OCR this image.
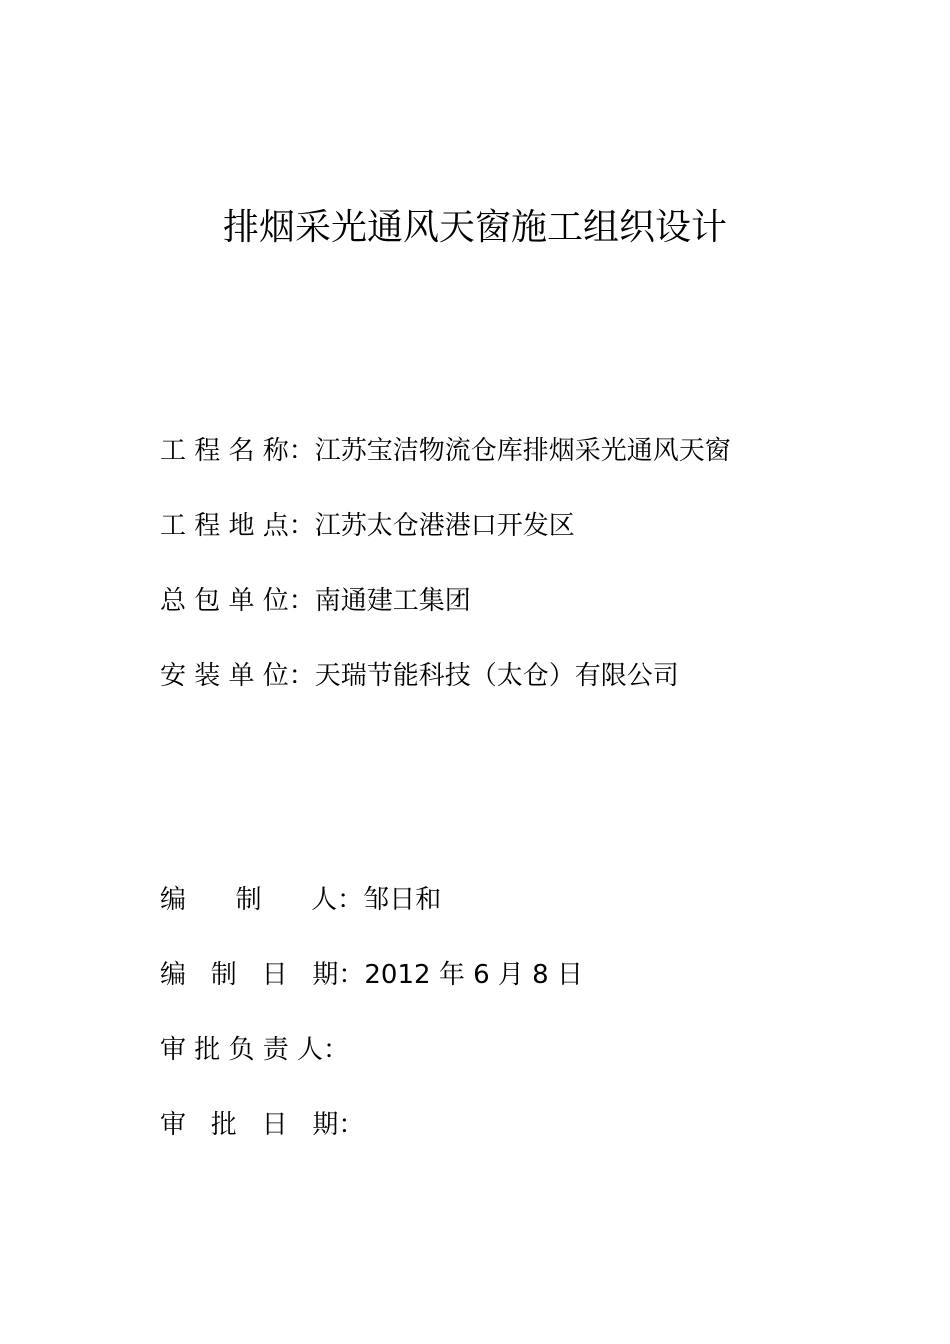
排烟采光通风天窗施工组织设计
工 程 名 称：江苏宝洁物流仓库排烟采光通风天窗
工 程 地 点：江苏太仓港港口开发区
总 包 单 位：南通建工集团
安 装 单 位：天瑞节能科技（太仓）有限公司
编      制      人：邹日和
编   制   日   期：2012 年 6 月 8 日
审 批 负 责 人：
审   批   日   期：
